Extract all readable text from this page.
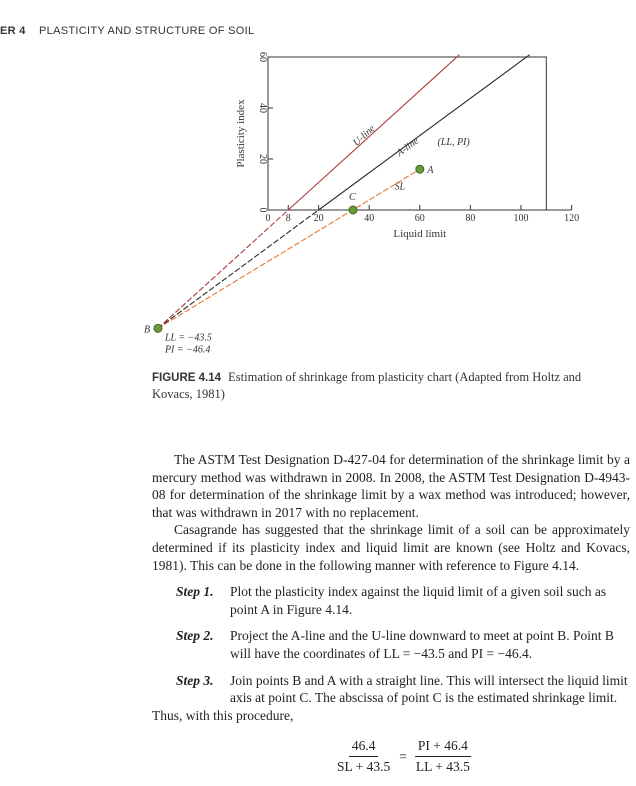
ER 4 PLASTICITY AND STRUCTURE OF SOIL
0 8 20	40	60	80	100	120
0
20
40
60
Liquid limit
Plasticity index	U-line A-line (LL, PI)
A
SL
C
B
LL = −43.5
PI = −46.4
FIGURE 4.14 Estimation of shrinkage from plasticity chart (Adapted from Holtz and Kovacs, 1981)

The ASTM Test Designation D-427-04 for determination of the shrinkage limit by a mercury method was withdrawn in 2008. In 2008, the ASTM Test Designation D-4943-08 for determination of the shrinkage limit by a wax method was introduced; however, that was withdrawn in 2017 with no replacement.

Casagrande has suggested that the shrinkage limit of a soil can be approximately determined if its plasticity index and liquid limit are known (see Holtz and Kovacs, 1981). This can be done in the following manner with reference to Figure 4.14.

Step 1. Plot the plasticity index against the liquid limit of a given soil such as point A in Figure 4.14.
Step 2. Project the A-line and the U-line downward to meet at point B. Point B will have the coordinates of LL = −43.5 and PI = −46.4.
Step 3. Join points B and A with a straight line. This will intersect the liquid limit axis at point C. The abscissa of point C is the estimated shrinkage limit.

Thus, with this procedure,

$\frac{46.4}{SL + 43.5} = \frac{PI + 46.4}{LL + 43.5}$
